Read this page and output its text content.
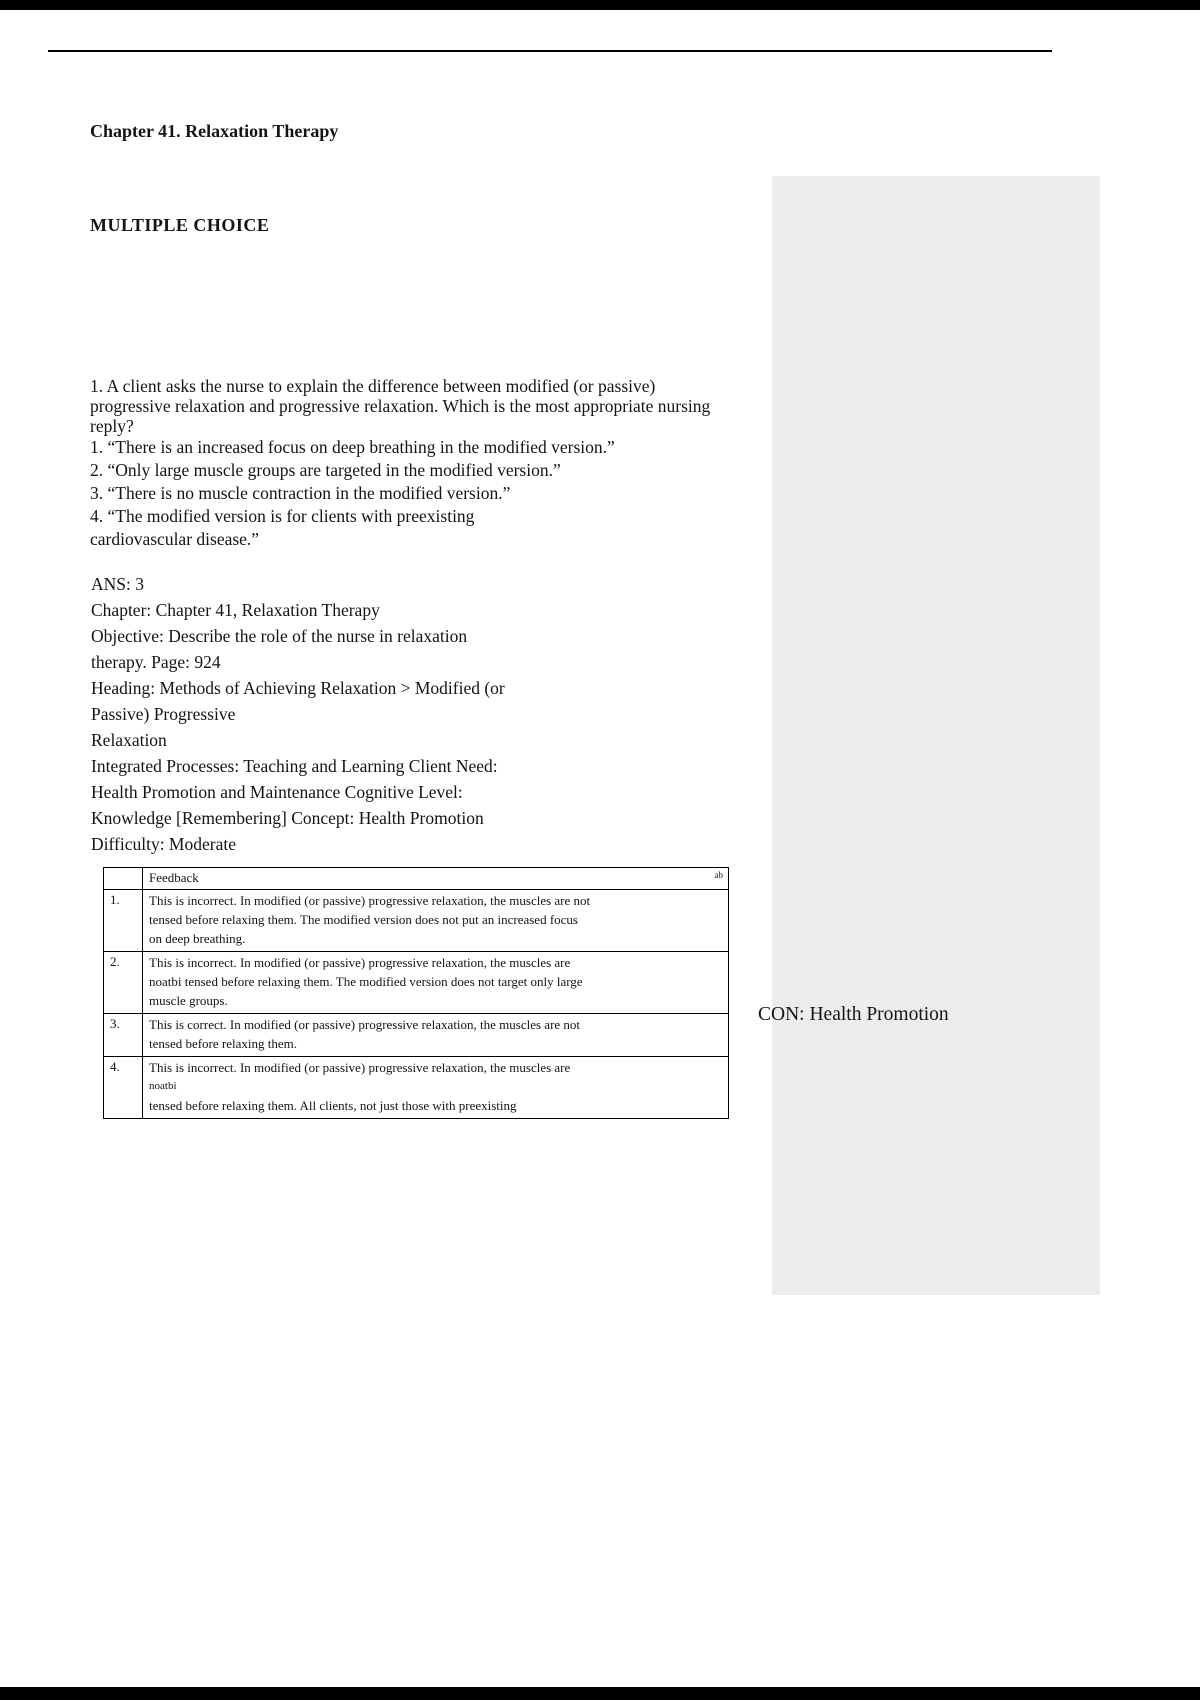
Chapter 41. Relaxation Therapy
MULTIPLE CHOICE
1. A client asks the nurse to explain the difference between modified (or passive)
progressive relaxation and progressive relaxation. Which is the most appropriate nursing
reply?
1. “There is an increased focus on deep breathing in the modified version.”
2. “Only large muscle groups are targeted in the modified version.”
3. “There is no muscle contraction in the modified version.”
4. “The modified version is for clients with preexisting
cardiovascular disease.”
ANS: 3
Chapter: Chapter 41, Relaxation Therapy
Objective: Describe the role of the nurse in relaxation
therapy. Page: 924
Heading: Methods of Achieving Relaxation > Modified (or
Passive) Progressive
Relaxation
Integrated Processes: Teaching and Learning Client Need:
Health Promotion and Maintenance Cognitive Level:
Knowledge [Remembering] Concept: Health Promotion
Difficulty: Moderate
Feedback	ab
1.	This is incorrect. In modified (or passive) progressive relaxation, the muscles are not
tensed before relaxing them. The modified version does not put an increased focus
on deep breathing.
2.	This is incorrect. In modified (or passive) progressive relaxation, the muscles are
noatbi tensed before relaxing them. The modified version does not target only large
muscle groups.
3.	This is correct. In modified (or passive) progressive relaxation, the muscles are not
tensed before relaxing them.
4.	This is incorrect. In modified (or passive) progressive relaxation, the muscles are
noatbi
tensed before relaxing them. All clients, not just those with preexisting
CON: Health Promotion
